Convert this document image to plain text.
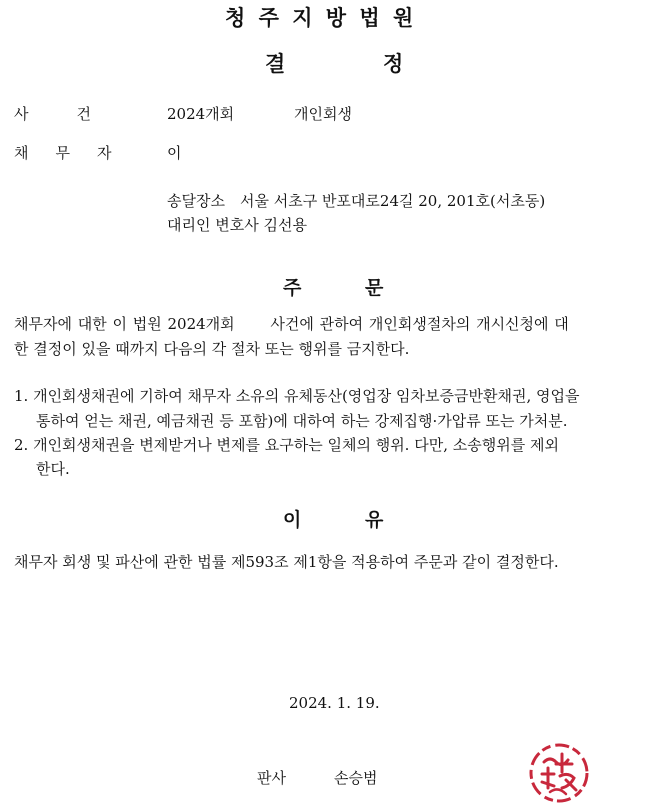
청 주 지 방 법 원
결	정
사　　건	2024개회	개인회생
채　무　자	이
송달장소　서울 서초구 반포대로24길 20, 201호(서초동)
대리인 변호사 김선용
주	문
채무자에 대한 이 법원 2024개회　　 사건에 관하여 개인회생절차의 개시신청에 대
한 결정이 있을 때까지 다음의 각 절차 또는 행위를 금지한다.
1. 개인회생채권에 기하여 채무자 소유의 유체동산(영업장 임차보증금반환채권, 영업을
통하여 얻는 채권, 예금채권 등 포함)에 대하여 하는 강제집행·가압류 또는 가처분.
2. 개인회생채권을 변제받거나 변제를 요구하는 일체의 행위. 다만, 소송행위를 제외
한다.
이	유
채무자 회생 및 파산에 관한 법률 제593조 제1항을 적용하여 주문과 같이 결정한다.
2024. 1. 19.
판사	손승범
